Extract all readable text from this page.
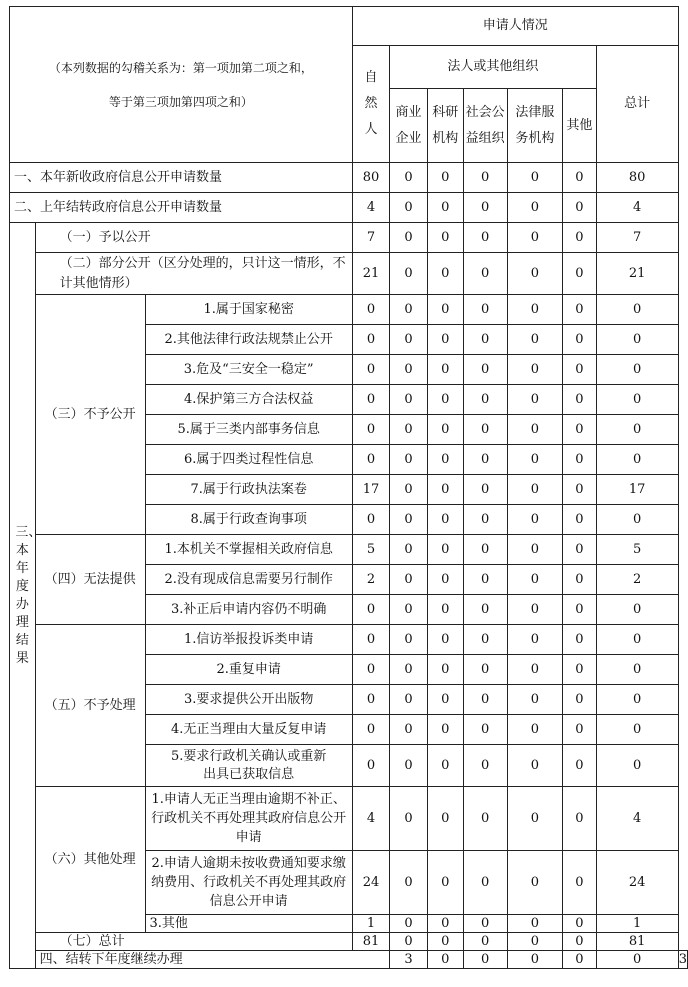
（本列数据的勾稽关系为：第一项加第二项之和，
等于第三项加第四项之和）			申请人情况							

			自然人	法人或其他组织					总计	

				商业企业	科研机构	社会公益组织	法律服务机构	其他		

一、本年新收政府信息公开申请数量			80	0	0	0	0	0	80	
二、上年结转政府信息公开申请数量			4	0	0	0	0	0	4	

三、本年度办理结果	（一）予以公开		7	0	0	0	0	0	7	
	（二）部分公开（区分处理的，只计这一情形，不计其他情形）		21	0	0	0	0	0	21	
	（三）不予公开	1.属于国家秘密	0	0	0	0	0	0	0	
		2.其他法律行政法规禁止公开	0	0	0	0	0	0	0	
		3.危及“三安全一稳定”	0	0	0	0	0	0	0	
		4.保护第三方合法权益	0	0	0	0	0	0	0	
		5.属于三类内部事务信息	0	0	0	0	0	0	0	
		6.属于四类过程性信息	0	0	0	0	0	0	0	
		7.属于行政执法案卷	17	0	0	0	0	0	17	
		8.属于行政查询事项	0	0	0	0	0	0	0	
	（四）无法提供	1.本机关不掌握相关政府信息	5	0	0	0	0	0	5	
		2.没有现成信息需要另行制作	2	0	0	0	0	0	2	
		3.补正后申请内容仍不明确	0	0	0	0	0	0	0	
	（五）不予处理	1.信访举报投诉类申请	0	0	0	0	0	0	0	
		2.重复申请	0	0	0	0	0	0	0	
		3.要求提供公开出版物	0	0	0	0	0	0	0	
		4.无正当理由大量反复申请	0	0	0	0	0	0	0	
		5.要求行政机关确认或重新出具已获取信息	0	0	0	0	0	0	0	
	（六）其他处理	1.申请人无正当理由逾期不补正、行政机关不再处理其政府信息公开申请	4	0	0	0	0	0	4	
		2.申请人逾期未按收费通知要求缴纳费用、行政机关不再处理其政府信息公开申请	24	0	0	0	0	0	24	
		3.其他	1	0	0	0	0	0	1	
	（七）总计		81	0	0	0	0	0	81	
	四、结转下年度继续办理			3	0	0	0	0	0	3
